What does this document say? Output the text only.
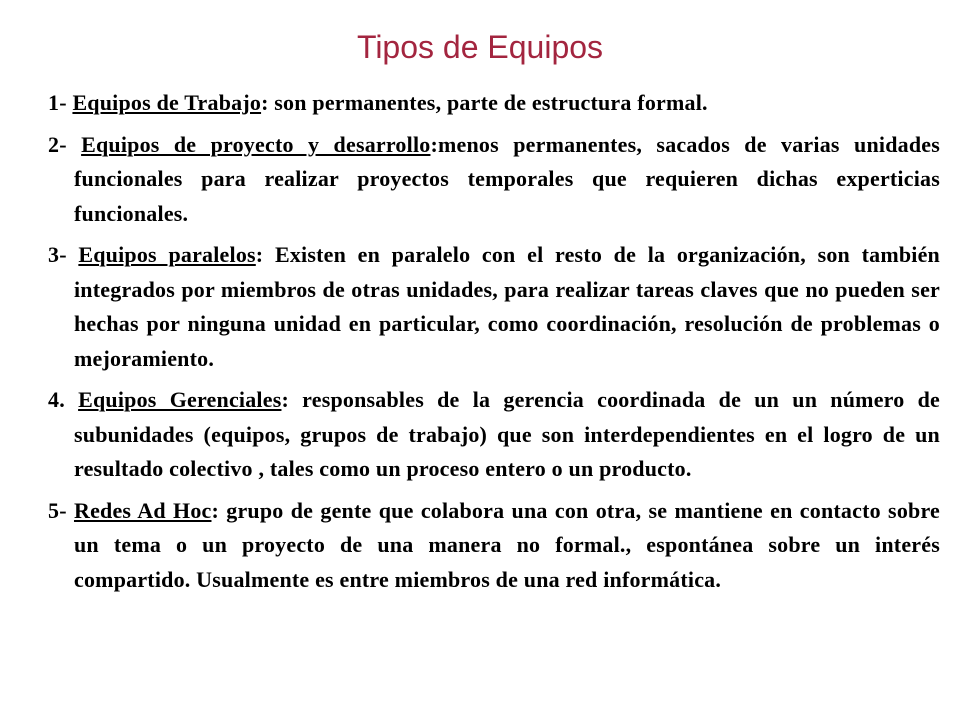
Tipos de Equipos

1- Equipos de Trabajo: son permanentes, parte de estructura formal.

2- Equipos de proyecto y desarrollo:menos permanentes, sacados de varias unidades funcionales para realizar proyectos temporales que requieren dichas experticias funcionales.

3- Equipos paralelos: Existen en paralelo con el resto de la organización, son también integrados por miembros de otras unidades, para realizar tareas claves que no pueden ser hechas por ninguna unidad en particular, como coordinación, resolución de problemas o mejoramiento.

4. Equipos Gerenciales: responsables de la gerencia coordinada de un un número de subunidades (equipos, grupos de trabajo) que son interdependientes en el logro de un resultado colectivo , tales como un proceso entero o un producto.

5- Redes Ad Hoc: grupo de gente que colabora una con otra, se mantiene en contacto sobre un tema o un proyecto de una manera no formal., espontánea sobre un interés compartido. Usualmente es entre miembros de una red informática.
